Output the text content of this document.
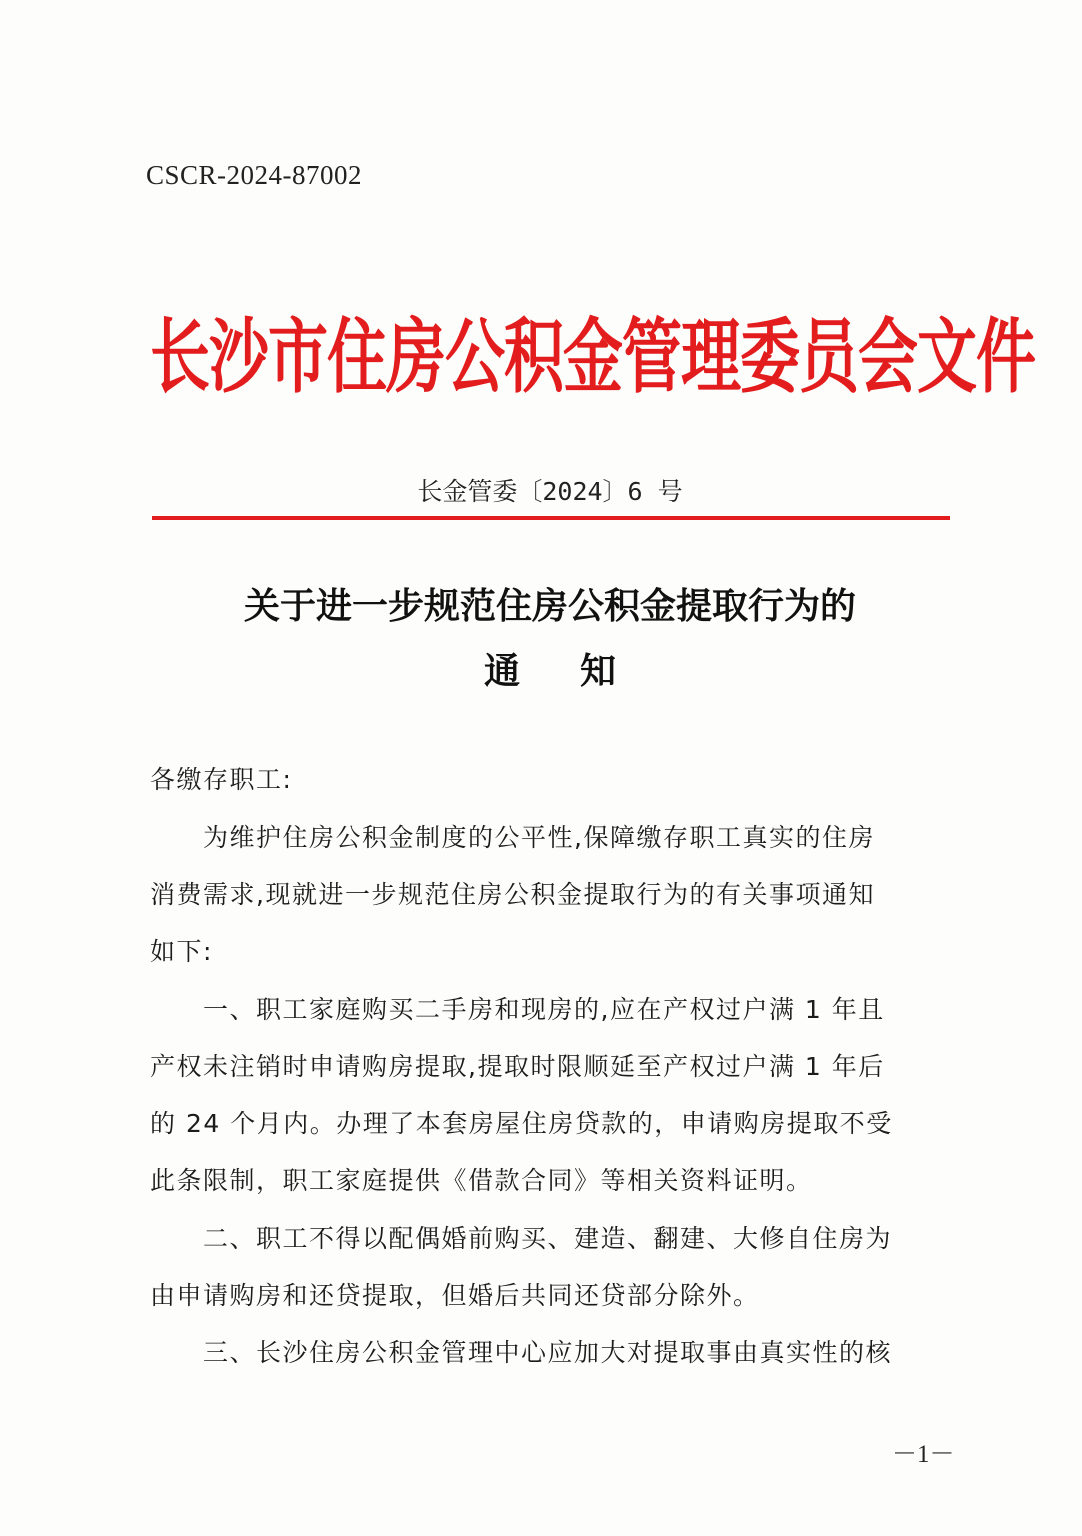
CSCR-2024-87002
长沙市住房公积金管理委员会文件
长金管委〔2024〕6 号
关于进一步规范住房公积金提取行为的
通知
各缴存职工:
　　为维护住房公积金制度的公平性,保障缴存职工真实的住房
消费需求,现就进一步规范住房公积金提取行为的有关事项通知
如下:
　　一、职工家庭购买二手房和现房的,应在产权过户满 1 年且
产权未注销时申请购房提取,提取时限顺延至产权过户满 1 年后
的 24 个月内。办理了本套房屋住房贷款的，申请购房提取不受
此条限制，职工家庭提供《借款合同》等相关资料证明。
　　二、职工不得以配偶婚前购买、建造、翻建、大修自住房为
由申请购房和还贷提取，但婚后共同还贷部分除外。
　　三、长沙住房公积金管理中心应加大对提取事由真实性的核
－1－
